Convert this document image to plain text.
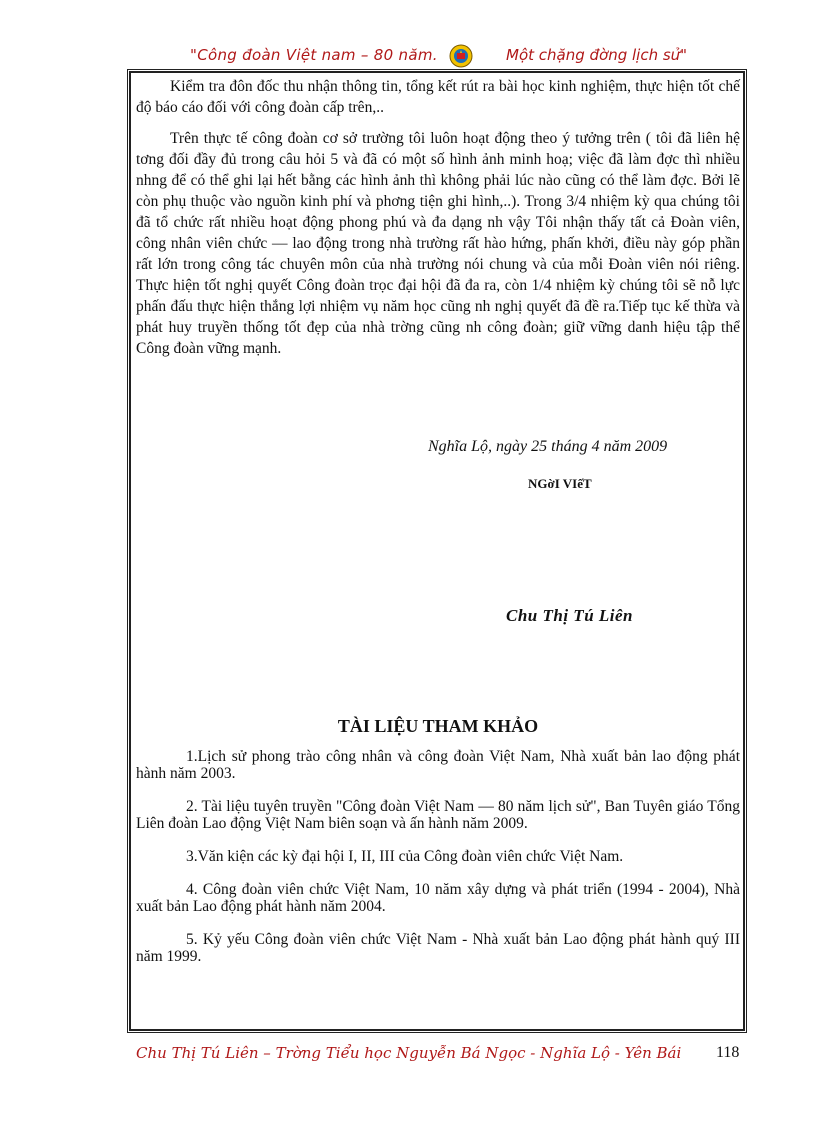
"Công đoàn Việt nam – 80 năm.	Một chặng đờng lịch sử"

Kiểm tra đôn đốc thu nhận thông tin, tổng kết rút ra bài học kinh nghiệm, thực hiện tốt chế độ báo cáo đối với công đoàn cấp trên,..

Trên thực tế công đoàn cơ sở trường tôi luôn hoạt động theo ý tưởng trên ( tôi đã liên hệ tơng đối đầy đủ trong câu hỏi 5 và đã có một số hình ảnh minh hoạ; việc đã làm đợc thì nhiều nhng để có thể ghi lại hết bằng các hình ảnh thì không phải lúc nào cũng có thể làm đợc. Bởi lẽ còn phụ thuộc vào nguồn kinh phí và phơng tiện ghi hình,..). Trong 3/4 nhiệm kỳ qua chúng tôi đã tổ chức rất nhiều hoạt động phong phú và đa dạng nh vậy Tôi nhận thấy tất cả Đoàn viên, công nhân viên chức — lao động trong nhà trường rất hào hứng, phấn khởi, điều này góp phần rất lớn trong công tác chuyên môn của nhà trường nói chung và của mỗi Đoàn viên nói riêng. Thực hiện tốt nghị quyết Công đoàn trọc đại hội đã đa ra, còn 1/4 nhiệm kỳ chúng tôi sẽ nỗ lực phấn đấu thực hiện thắng lợi nhiệm vụ năm học cũng nh nghị quyết đã đề ra.Tiếp tục kế thừa và phát huy truyền thống tốt đẹp của nhà trờng cũng nh công đoàn; giữ vững danh hiệu tập thể Công đoàn vững mạnh.

Nghĩa Lộ, ngày 25 tháng 4 năm 2009
NGờI VIếT
Chu Thị Tú Liên
TÀI LIỆU THAM KHẢO

1.Lịch sử phong trào công nhân và công đoàn Việt Nam, Nhà xuất bản lao động phát hành năm 2003.

2. Tài liệu tuyên truyền "Công đoàn Việt Nam — 80 năm lịch sử", Ban Tuyên giáo Tổng Liên đoàn Lao động Việt Nam biên soạn và ấn hành năm 2009.

3.Văn kiện các kỳ đại hội I, II, III của Công đoàn viên chức Việt Nam.

4. Công đoàn viên chức Việt Nam, 10 năm xây dựng và phát triển (1994 - 2004), Nhà xuất bản Lao động phát hành năm 2004.

5. Kỷ yếu Công đoàn viên chức Việt Nam - Nhà xuất bản Lao động phát hành quý III năm 1999.

Chu Thị Tú Liên – Trờng Tiểu học Nguyễn Bá Ngọc - Nghĩa Lộ - Yên Bái 118
